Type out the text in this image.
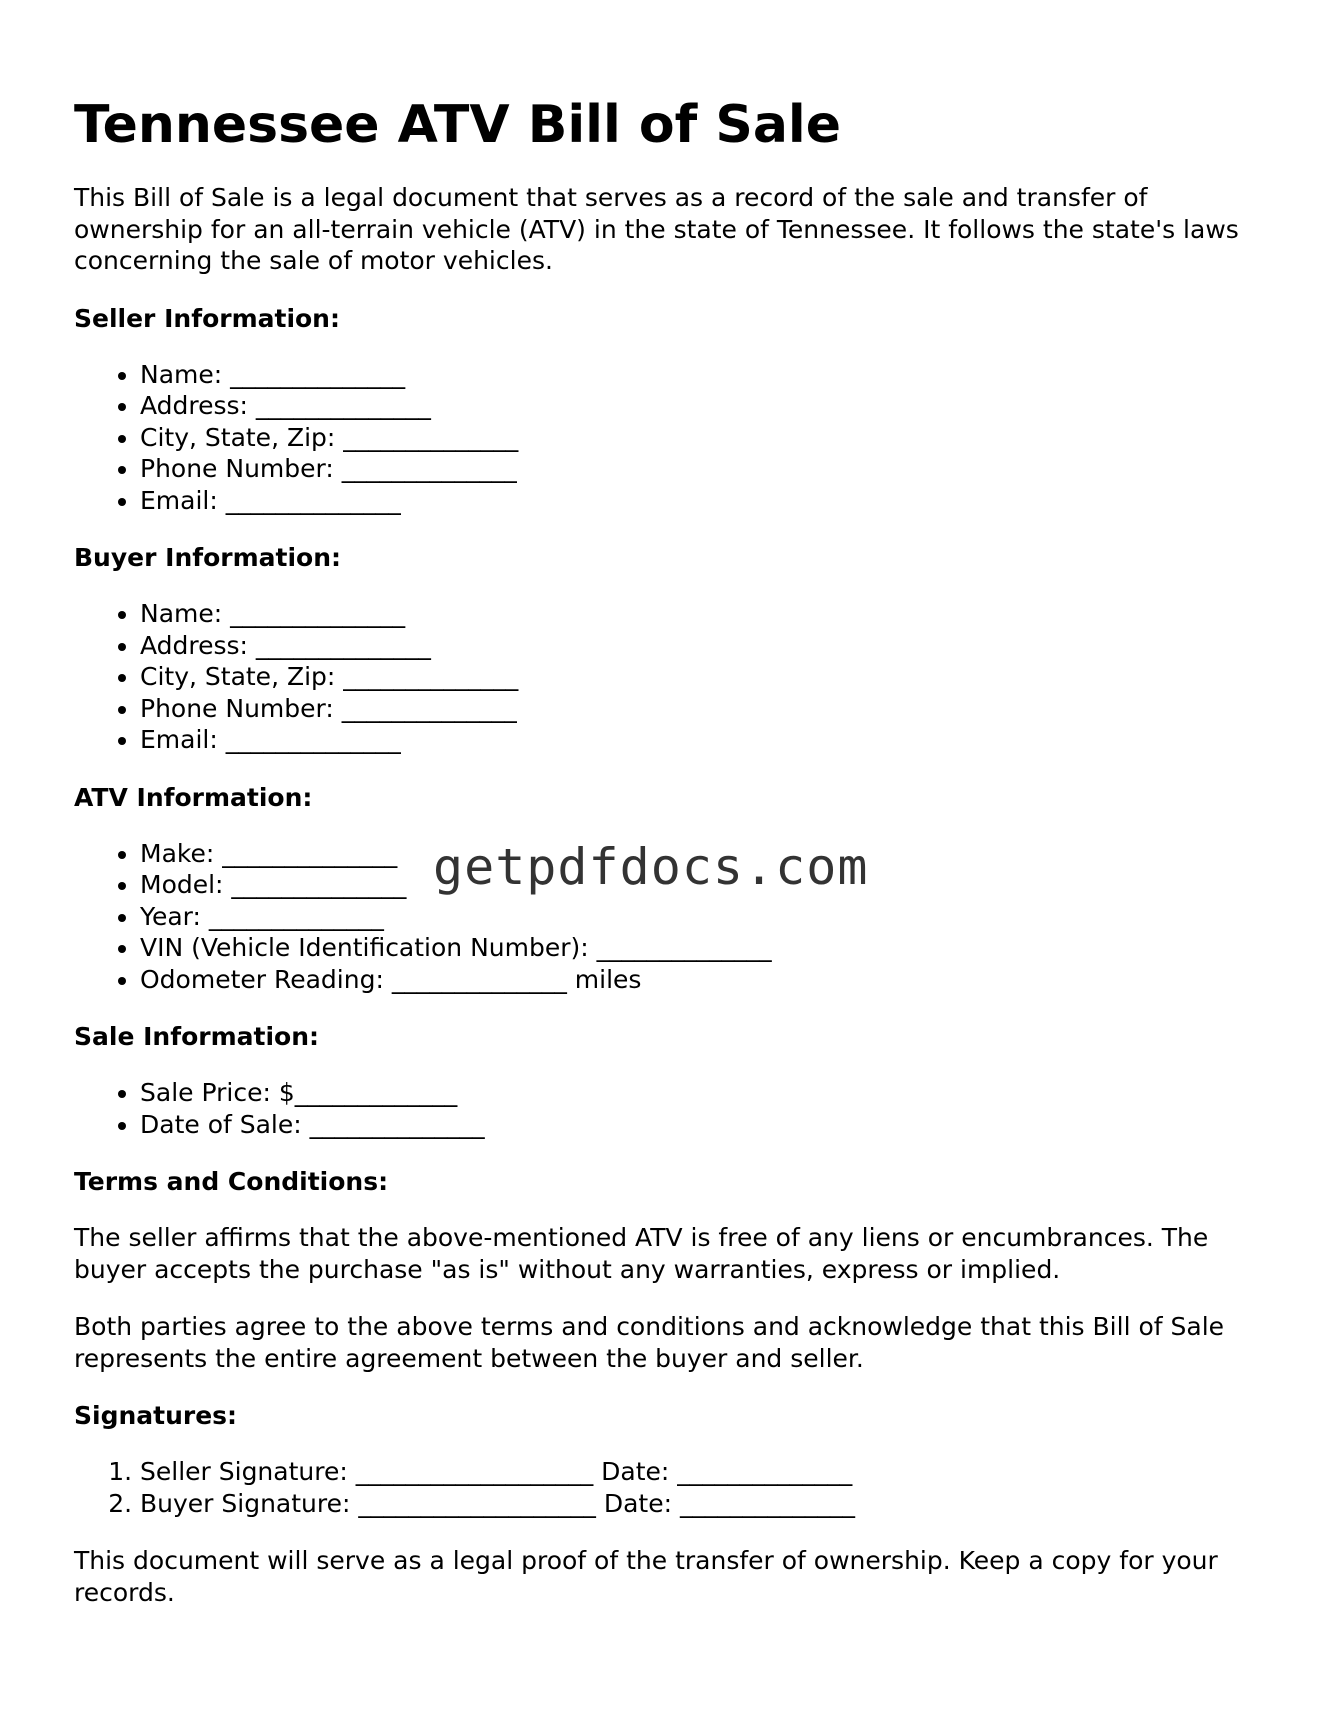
Tennessee ATV Bill of Sale

This Bill of Sale is a legal document that serves as a record of the sale and transfer of ownership for an all-terrain vehicle (ATV) in the state of Tennessee. It follows the state's laws concerning the sale of motor vehicles.

Seller Information:
• Name: ______________
• Address: ______________
• City, State, Zip: ______________
• Phone Number: ______________
• Email: ______________
Buyer Information:
• Name: ______________
• Address: ______________
• City, State, Zip: ______________
• Phone Number: ______________
• Email: ______________
ATV Information:
• Make: ______________
• Model: ______________
• Year: ______________
• VIN (Vehicle Identification Number): ______________
• Odometer Reading: ______________ miles
Sale Information:
• Sale Price: $_____________
• Date of Sale: ______________
Terms and Conditions:

The seller affirms that the above-mentioned ATV is free of any liens or encumbrances. The buyer accepts the purchase "as is" without any warranties, express or implied.

Both parties agree to the above terms and conditions and acknowledge that this Bill of Sale represents the entire agreement between the buyer and seller.

Signatures:
1. Seller Signature: ___________________ Date: ______________
2. Buyer Signature: ___________________ Date: ______________

This document will serve as a legal proof of the transfer of ownership. Keep a copy for your records.

getpdfdocs.com
